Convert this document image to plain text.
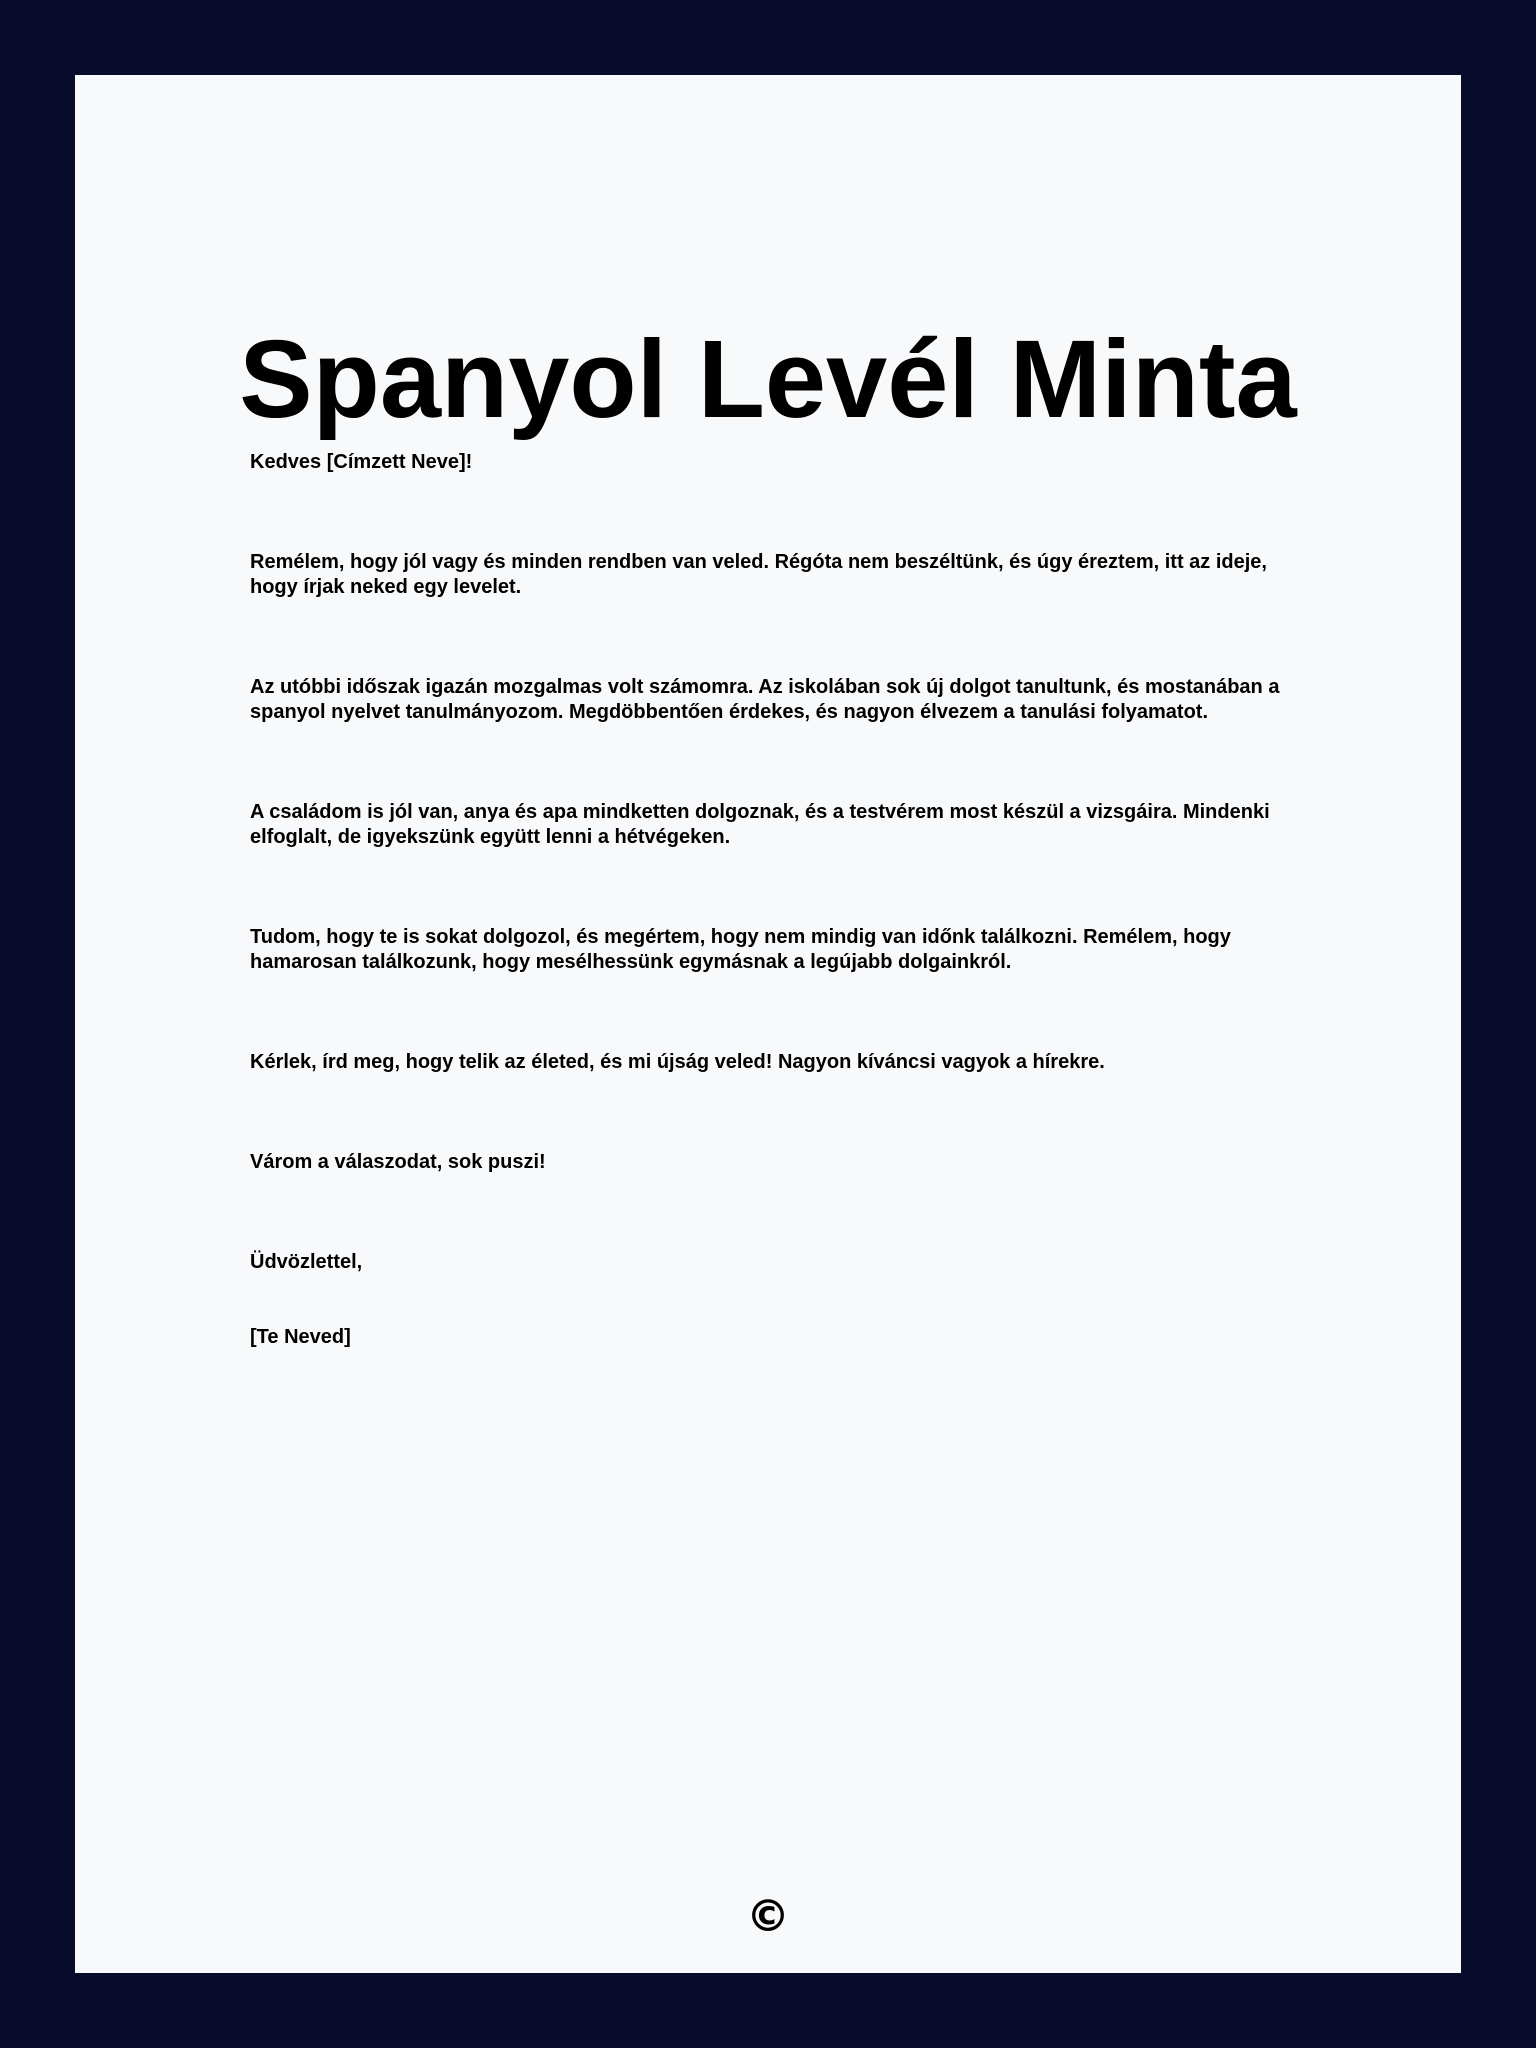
Spanyol Levél Minta

Kedves [Címzett Neve]!

Remélem, hogy jól vagy és minden rendben van veled. Régóta nem beszéltünk, és úgy éreztem, itt az ideje, hogy írjak neked egy levelet.

Az utóbbi időszak igazán mozgalmas volt számomra. Az iskolában sok új dolgot tanultunk, és mostanában a spanyol nyelvet tanulmányozom. Megdöbbentően érdekes, és nagyon élvezem a tanulási folyamatot.

A családom is jól van, anya és apa mindketten dolgoznak, és a testvérem most készül a vizsgáira. Mindenki elfoglalt, de igyekszünk együtt lenni a hétvégeken.

Tudom, hogy te is sokat dolgozol, és megértem, hogy nem mindig van időnk találkozni. Remélem, hogy hamarosan találkozunk, hogy mesélhessünk egymásnak a legújabb dolgainkról.

Kérlek, írd meg, hogy telik az életed, és mi újság veled! Nagyon kíváncsi vagyok a hírekre.

Várom a válaszodat, sok puszi!

Üdvözlettel,

[Te Neved]

©
